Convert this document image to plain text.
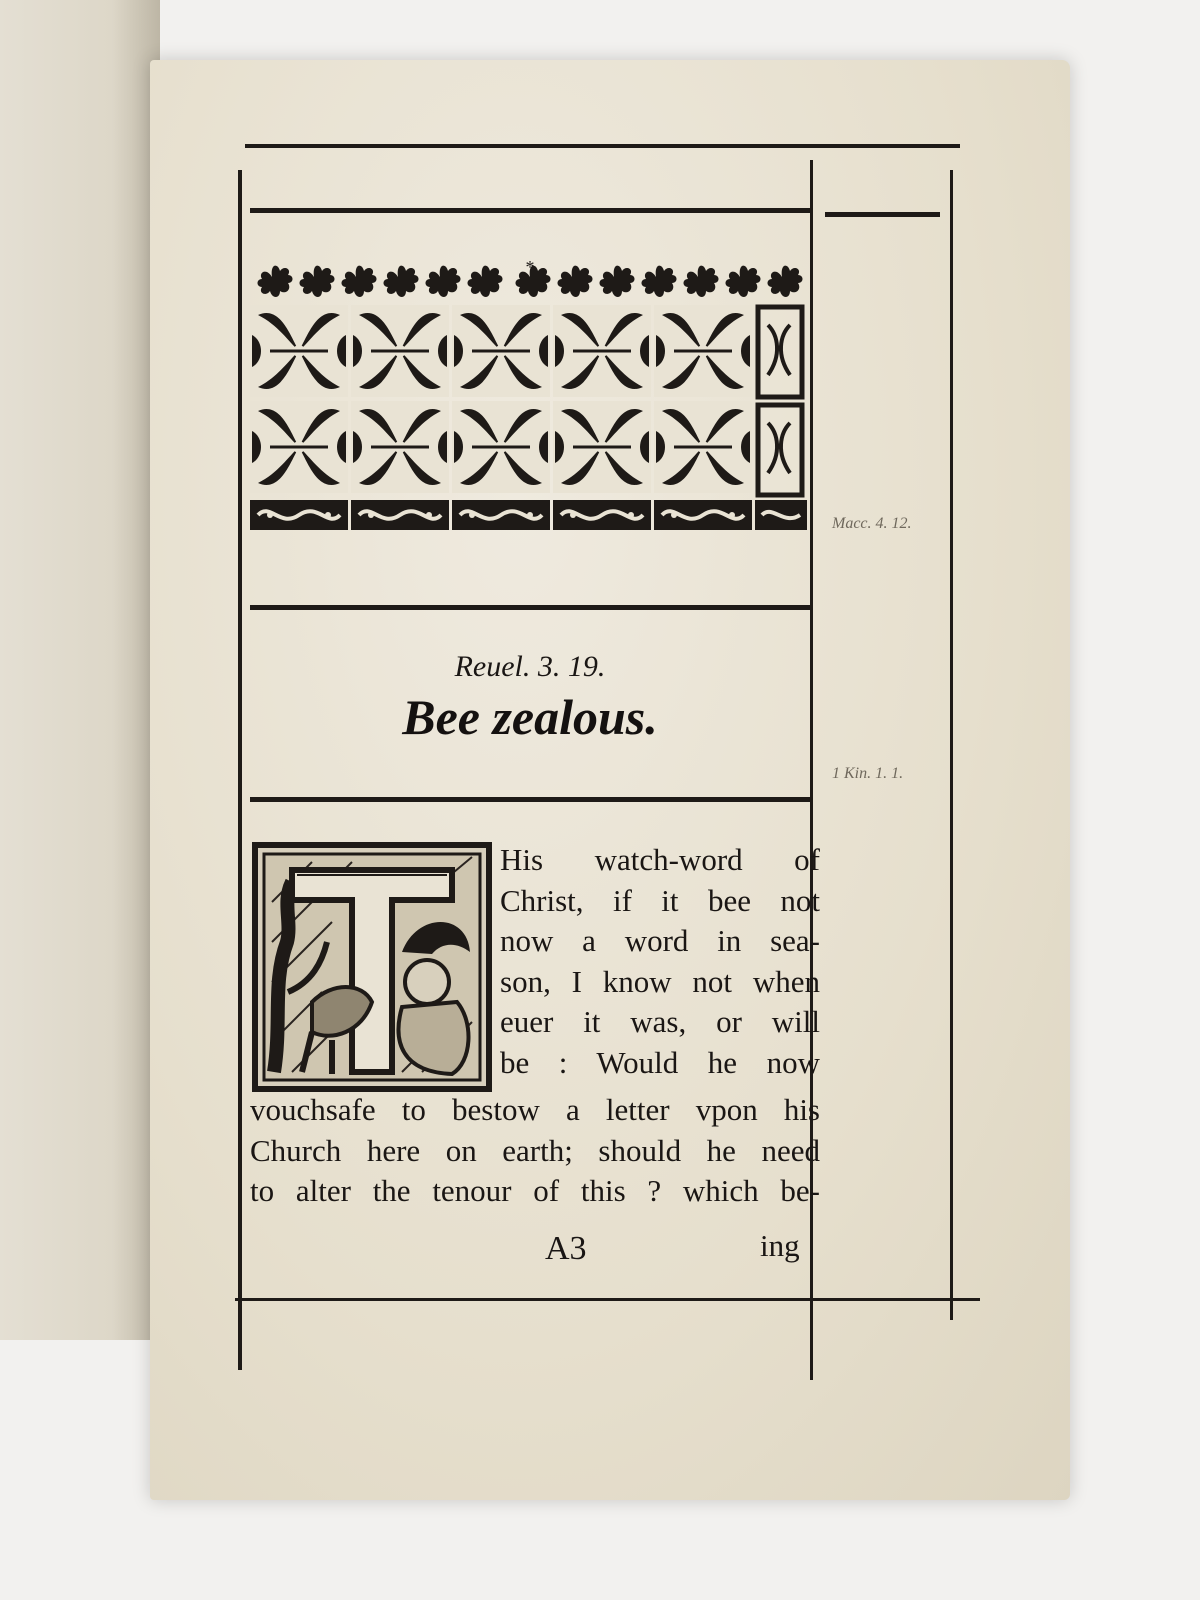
*
Reuel. 3. 19.
Bee zealous.
His watch-word of
Christ, if it bee not
now a word in sea-
son, I know not when
euer it was, or will
be : Would he now
vouchsafe to bestow a letter vpon his
Church here on earth; should he need
to alter the tenour of this ? which be-
A3	ing
Macc. 4. 12.
1 Kin. 1. 1.
